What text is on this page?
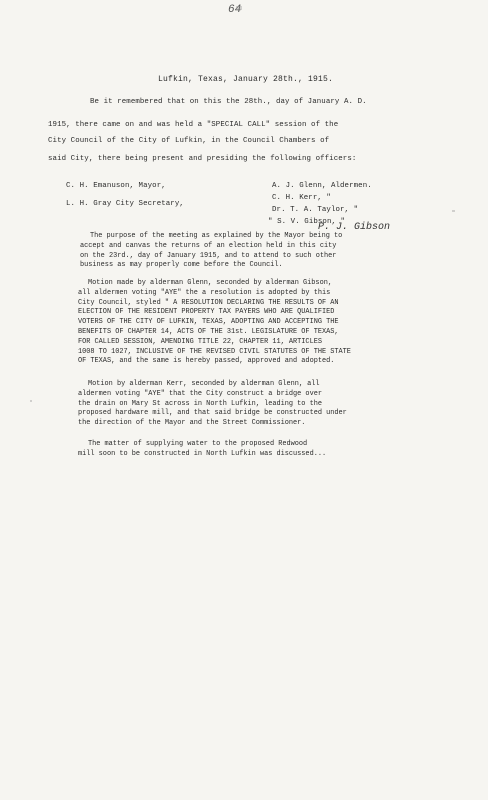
64
Lufkin, Texas, January 28th., 1915.
Be it remembered that on this the 28th., day of January A. D.
1915, there came on and was held a "SPECIAL CALL" session of the
City Council of the City of Lufkin, in the Council Chambers of
said City, there being present and presiding the following officers:
C. H. Emanuson, Mayor,
L. H. Gray City Secretary,
A. J. Glenn, Aldermen.
C. H. Kerr, "
Dr. T. A. Taylor, "
" S. V. Gibson, "
P. J. Gibson
The purpose of the meeting as explained by the Mayor being to
accept and canvas the returns of an election held in this city
on the 23rd., day of January 1915, and to attend to such other
business as may properly come before the Council.
Motion made by alderman Glenn, seconded by alderman Gibson,
all aldermen voting "AYE" the a resolution is adopted by this
City Council, styled " A RESOLUTION DECLARING THE RESULTS OF AN
ELECTION OF THE RESIDENT PROPERTY TAX PAYERS WHO ARE QUALIFIED
VOTERS OF THE CITY OF LUFKIN, TEXAS, ADOPTING AND ACCEPTING THE
BENEFITS OF CHAPTER 14, ACTS OF THE 31st. LEGISLATURE OF TEXAS,
FOR CALLED SESSION, AMENDING TITLE 22, CHAPTER 11, ARTICLES
1008 TO 1027, INCLUSIVE OF THE REVISED CIVIL STATUTES OF THE STATE
OF TEXAS, and the same is hereby passed, approved and adopted.
Motion by alderman Kerr, seconded by alderman Glenn, all
aldermen voting "AYE" that the City construct a bridge over
the drain on Mary St across in North Lufkin, leading to the
proposed hardware mill, and that said bridge be constructed under
the direction of the Mayor and the Street Commissioner.
The matter of supplying water to the proposed Redwood
mill soon to be constructed in North Lufkin was discussed...
